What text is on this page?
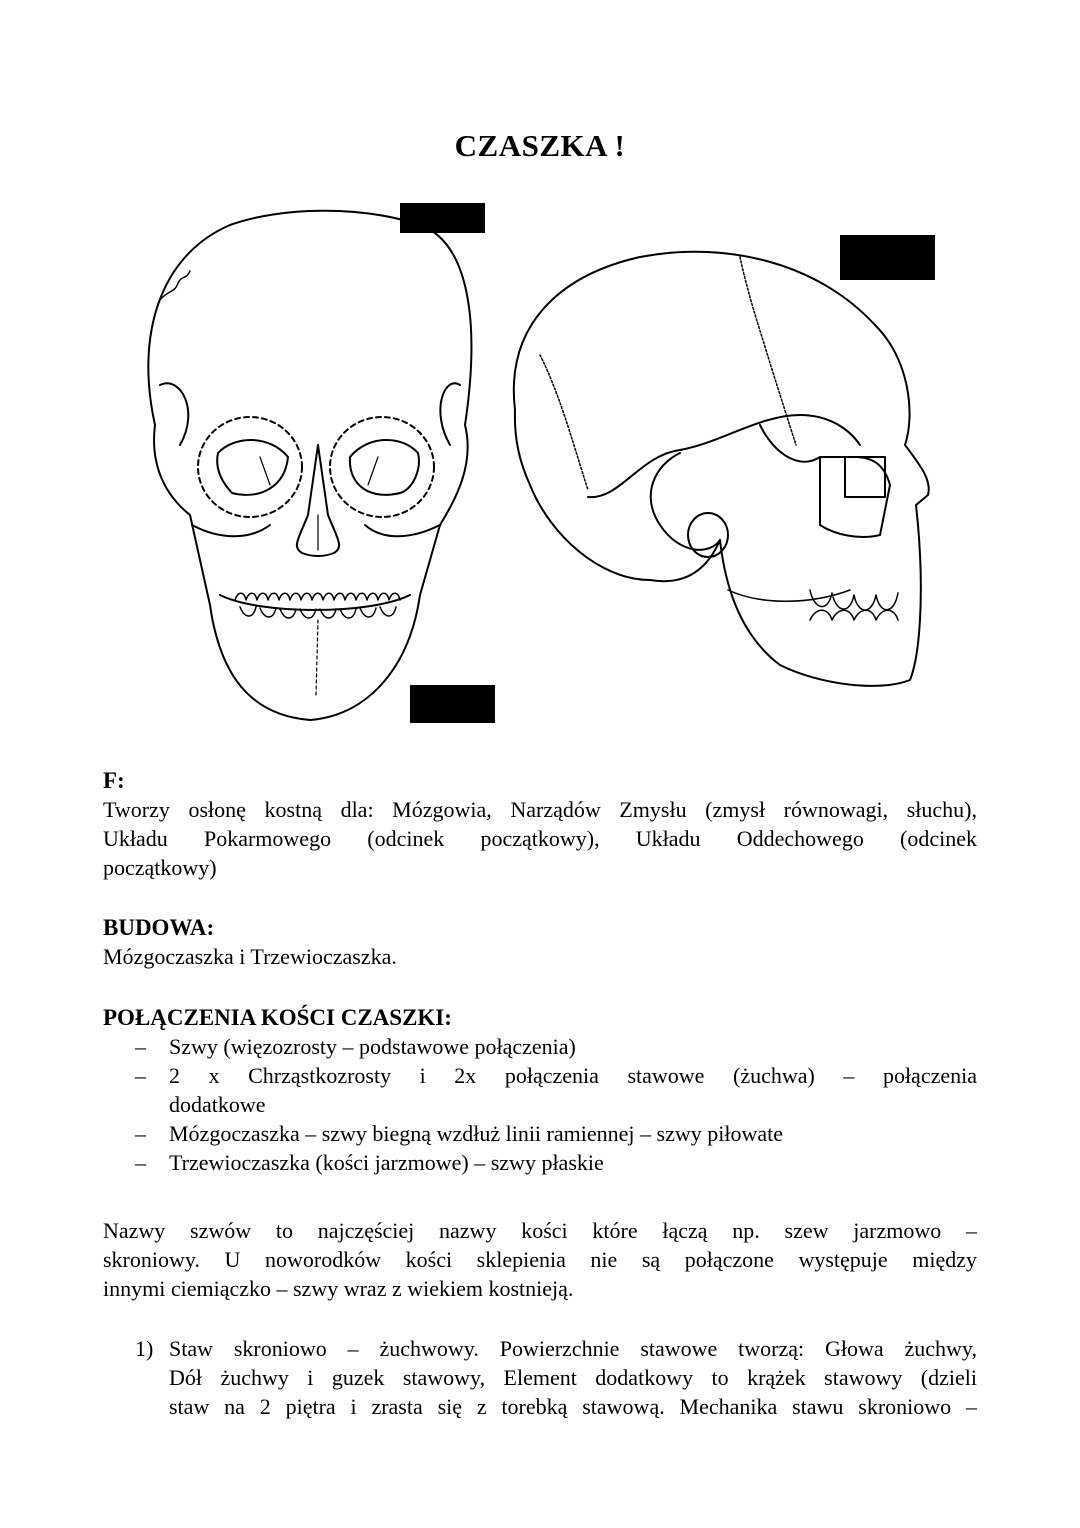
CZASZKA !
F:
Tworzy osłonę kostną dla: Mózgowia, Narządów Zmysłu (zmysł równowagi, słuchu),
Układu Pokarmowego (odcinek początkowy), Układu Oddechowego (odcinek
początkowy)
BUDOWA:
Mózgoczaszka i Trzewioczaszka.
POŁĄCZENIA KOŚCI CZASZKI:
– Szwy (więzozrosty – podstawowe połączenia)
– 2 x Chrząstkozrosty i 2x połączenia stawowe (żuchwa) – połączenia
dodatkowe
– Mózgoczaszka – szwy biegną wzdłuż linii ramiennej – szwy piłowate
– Trzewioczaszka (kości jarzmowe) – szwy płaskie
Nazwy szwów to najczęściej nazwy kości które łączą np. szew jarzmowo –
skroniowy. U noworodków kości sklepienia nie są połączone występuje między
innymi ciemiączko – szwy wraz z wiekiem kostnieją.
1) Staw skroniowo – żuchwowy. Powierzchnie stawowe tworzą: Głowa żuchwy,
Dół żuchwy i guzek stawowy, Element dodatkowy to krążek stawowy (dzieli
staw na 2 piętra i zrasta się z torebką stawową. Mechanika stawu skroniowo –
